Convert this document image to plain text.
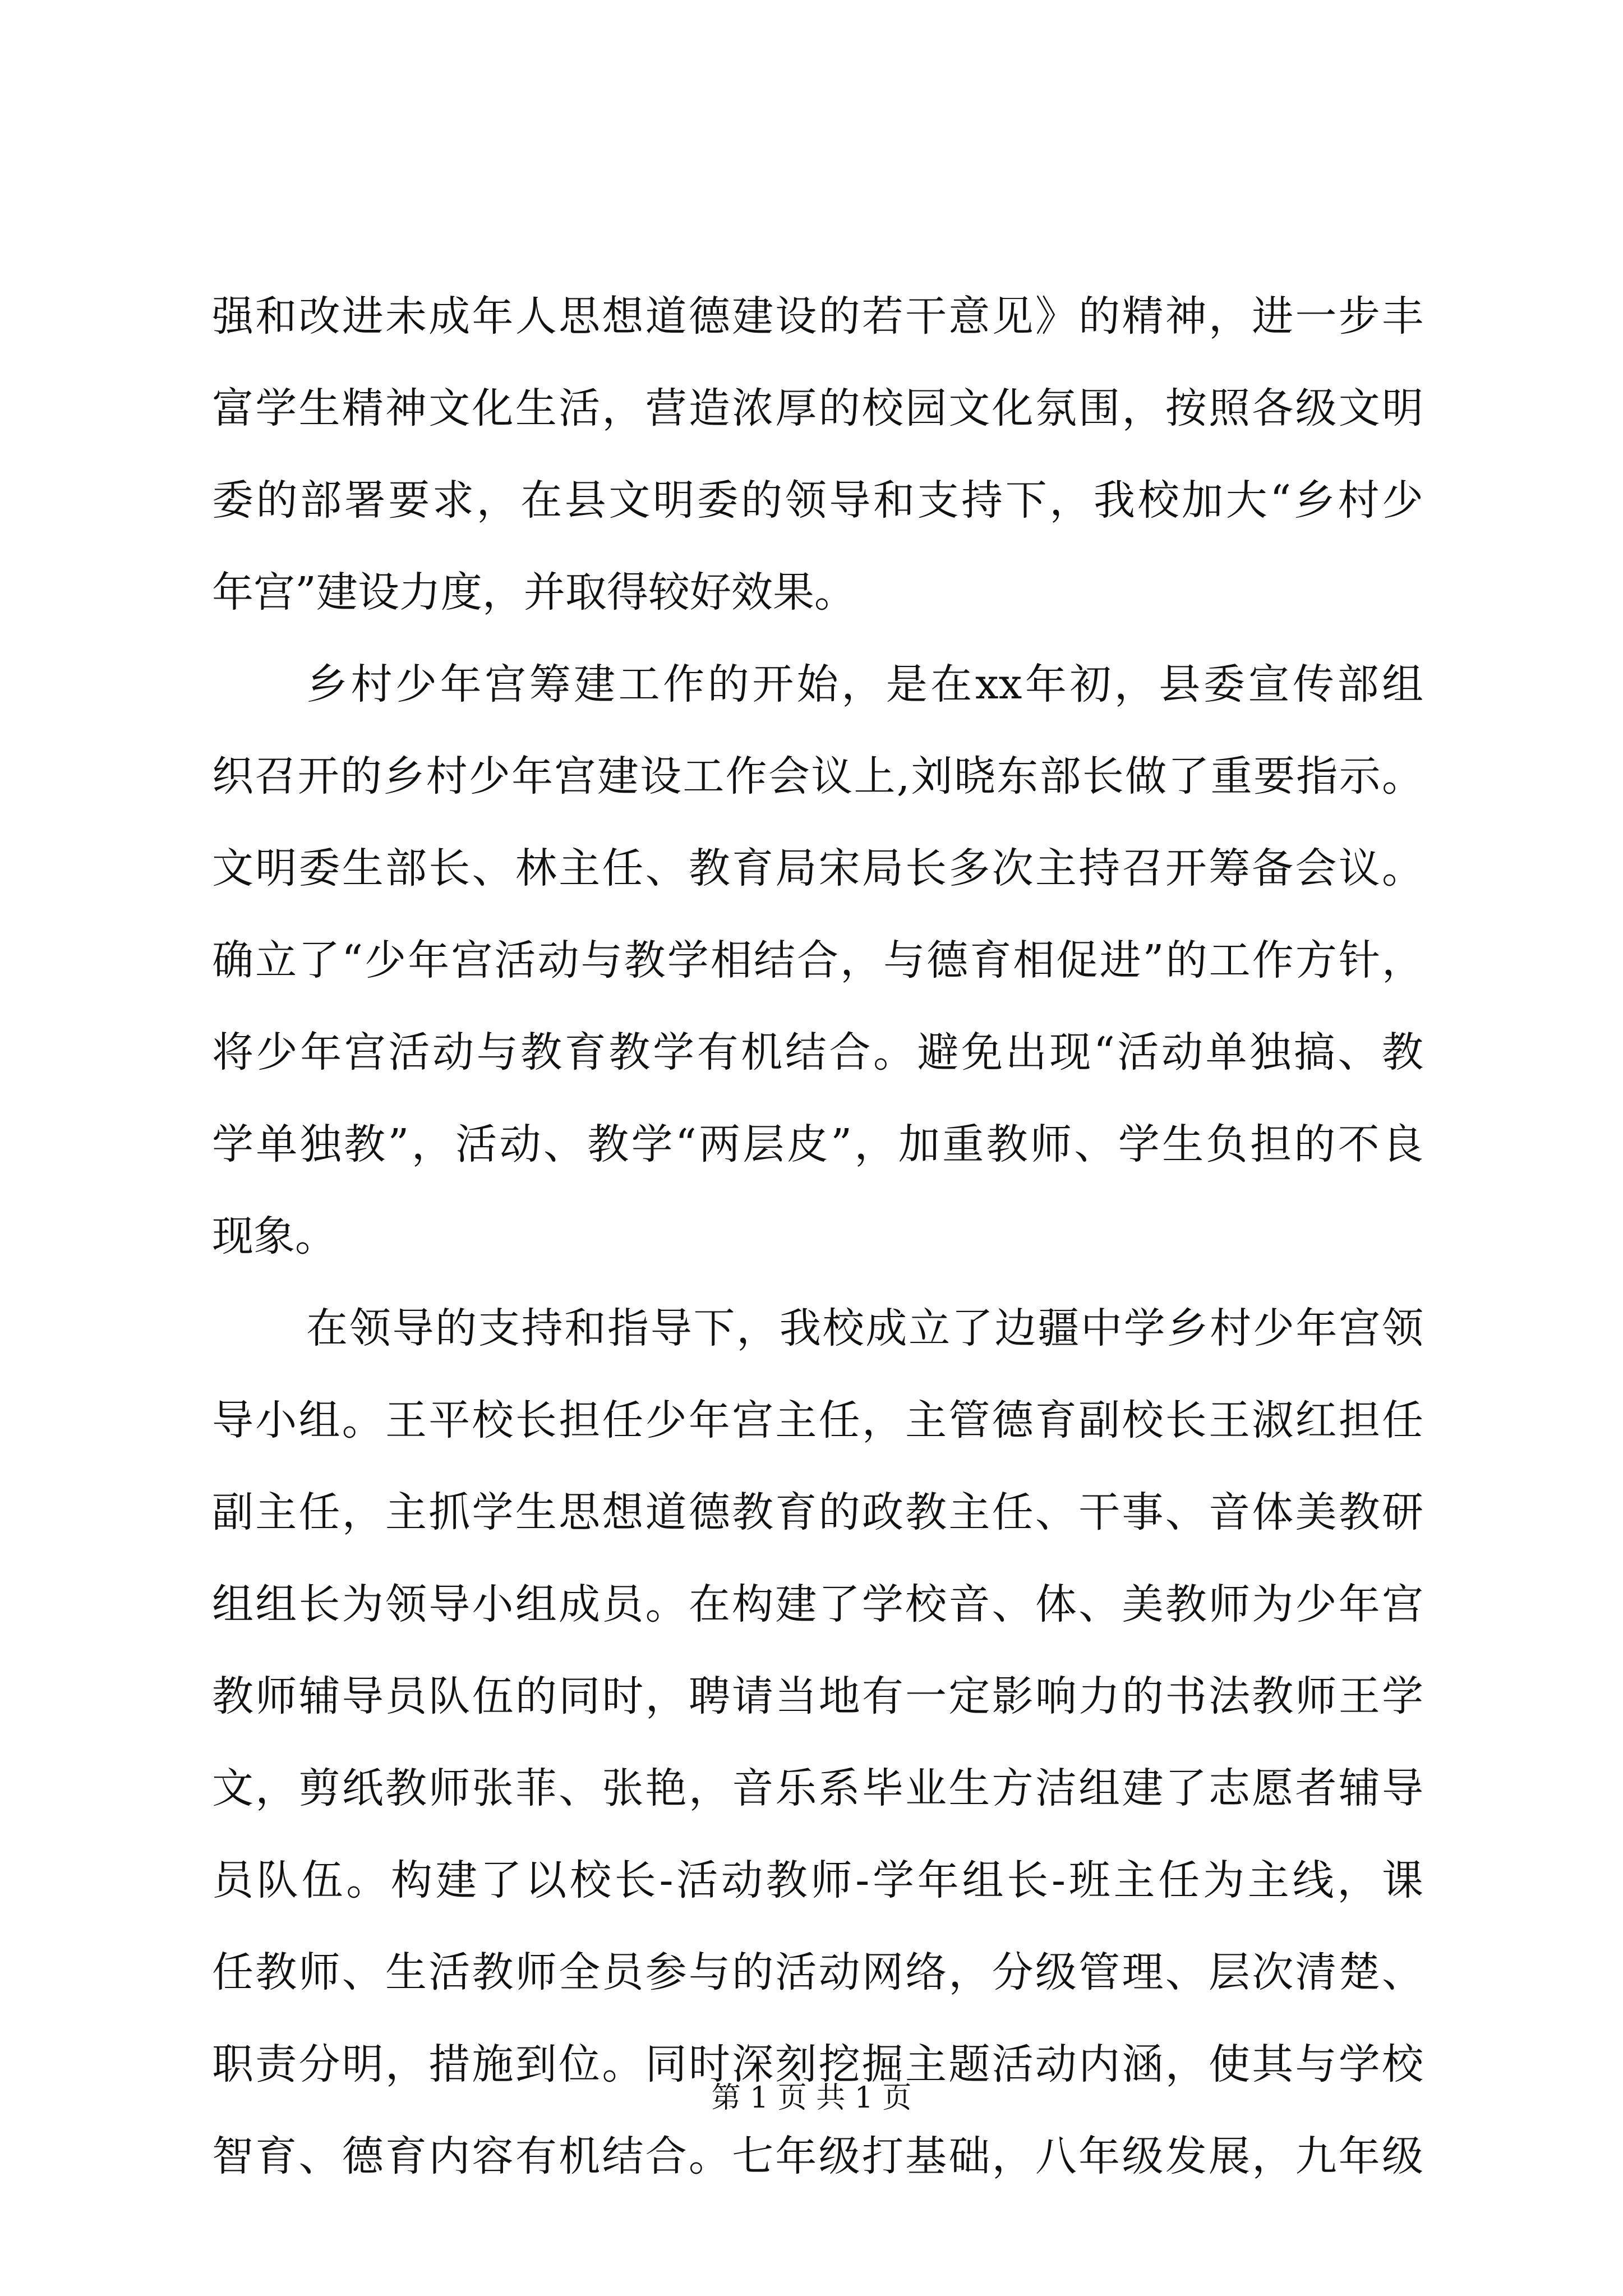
强和改进未成年人思想道德建设的若干意见》的精神，进一步丰
富学生精神文化生活，营造浓厚的校园文化氛围，按照各级文明
委的部署要求，在县文明委的领导和支持下，我校加大“乡村少
年宫”建设力度，并取得较好效果。
乡村少年宫筹建工作的开始，是在xx年初，县委宣传部组
织召开的乡村少年宫建设工作会议上,刘晓东部长做了重要指示。
文明委生部长、林主任、教育局宋局长多次主持召开筹备会议。
确立了“少年宫活动与教学相结合，与德育相促进”的工作方针，
将少年宫活动与教育教学有机结合。避免出现“活动单独搞、教
学单独教”，活动、教学“两层皮”，加重教师、学生负担的不良
现象。
在领导的支持和指导下，我校成立了边疆中学乡村少年宫领
导小组。王平校长担任少年宫主任，主管德育副校长王淑红担任
副主任，主抓学生思想道德教育的政教主任、干事、音体美教研
组组长为领导小组成员。在构建了学校音、体、美教师为少年宫
教师辅导员队伍的同时，聘请当地有一定影响力的书法教师王学
文，剪纸教师张菲、张艳，音乐系毕业生方洁组建了志愿者辅导
员队伍。构建了以校长-活动教师-学年组长-班主任为主线，课
任教师、生活教师全员参与的活动网络，分级管理、层次清楚、
职责分明，措施到位。同时深刻挖掘主题活动内涵，使其与学校
智育、德育内容有机结合。七年级打基础，八年级发展，九年级
第 1 页 共 1 页
